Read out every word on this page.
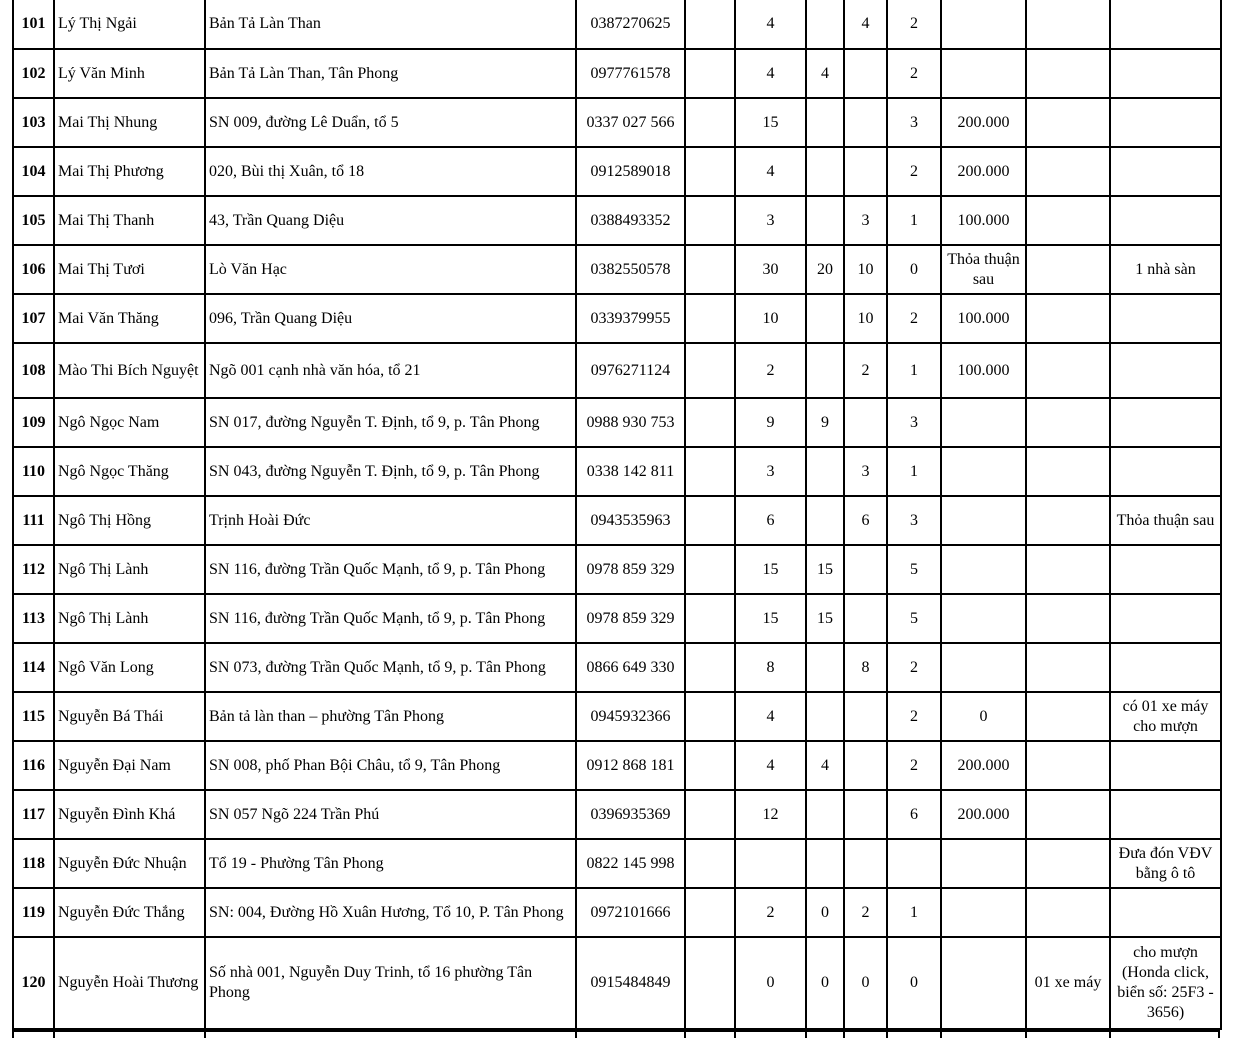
101	Lý Thị Ngải	Bản Tả Làn Than	0387270625		4		4	2			
102	Lý Văn Minh	Bản Tả Làn Than, Tân Phong	0977761578		4	4		2			
103	Mai Thị Nhung	SN 009, đường Lê Duẩn, tổ 5	0337 027 566		15			3	200.000		
104	Mai Thị Phương	020, Bùi thị Xuân, tổ 18	0912589018		4			2	200.000		
105	Mai Thị Thanh	43, Trần Quang Diệu	0388493352		3		3	1	100.000		
106	Mai Thị Tươi	Lò Văn Hạc	0382550578		30	20	10	0	Thỏa thuận sau		1 nhà sàn
107	Mai Văn Thăng	096, Trần Quang Diệu	0339379955		10		10	2	100.000		
108	Mào Thi Bích Nguyệt	Ngõ 001 cạnh nhà văn hóa, tổ 21	0976271124		2		2	1	100.000		
109	Ngô Ngọc Nam	SN 017, đường Nguyễn T. Định, tổ 9, p. Tân Phong	0988 930 753		9	9		3			
110	Ngô Ngọc Thăng	SN 043, đường Nguyễn T. Định, tổ 9, p. Tân Phong	0338 142 811		3		3	1			
111	Ngô Thị Hồng	Trịnh Hoài Đức	0943535963		6		6	3			Thỏa thuận sau
112	Ngô Thị Lành	SN 116, đường Trần Quốc Mạnh, tổ 9, p. Tân Phong	0978 859 329		15	15		5			
113	Ngô Thị Lành	SN 116, đường Trần Quốc Mạnh, tổ 9, p. Tân Phong	0978 859 329		15	15		5			
114	Ngô Văn Long	SN 073, đường Trần Quốc Mạnh, tổ 9, p. Tân Phong	0866 649 330		8		8	2			
115	Nguyễn Bá Thái	Bản tả làn than – phường Tân Phong	0945932366		4			2	0		có 01 xe máy cho mượn
116	Nguyễn Đại Nam	SN 008, phố Phan Bội Châu, tổ 9, Tân Phong	0912 868 181		4	4		2	200.000		
117	Nguyễn Đình Khá	SN 057 Ngõ 224 Trần Phú	0396935369		12			6	200.000		
118	Nguyễn Đức Nhuận	Tổ 19 - Phường Tân Phong	0822 145 998								Đưa đón VĐV bằng ô tô
119	Nguyễn Đức Thắng	SN: 004, Đường Hồ Xuân Hương, Tổ 10, P. Tân Phong	0972101666		2	0	2	1			
120	Nguyễn Hoài Thương	Số nhà 001, Nguyễn Duy Trinh, tổ 16 phường Tân Phong	0915484849		0	0	0	0		01 xe máy	cho mượn (Honda click, biển số: 25F3 - 3656)
